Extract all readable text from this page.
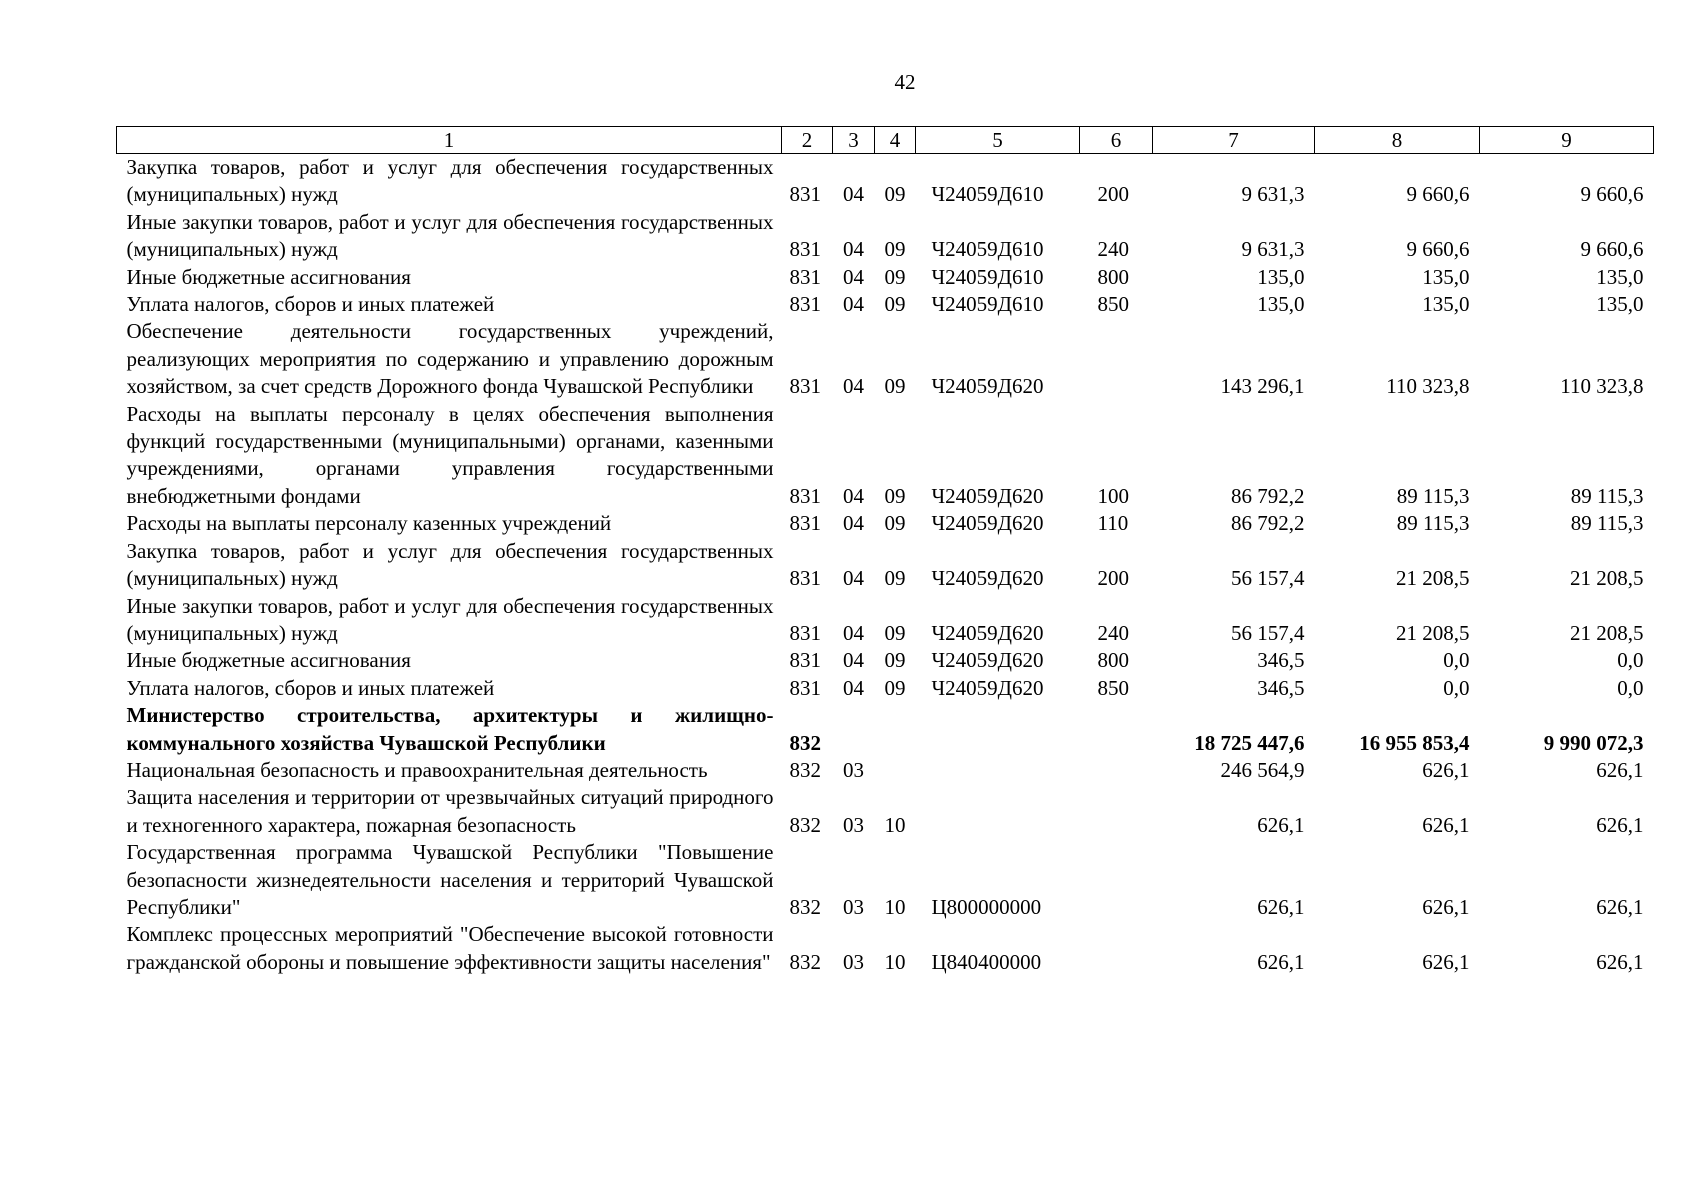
42
1	2	3	4	5	6	7	8	9
Закупка товаров, работ и услуг для обеспечения государственных (муниципальных) нужд	831	04	09	Ч24059Д610	200	9 631,3	9 660,6	9 660,6
Иные закупки товаров, работ и услуг для обеспечения государственных (муниципальных) нужд	831	04	09	Ч24059Д610	240	9 631,3	9 660,6	9 660,6
Иные бюджетные ассигнования	831	04	09	Ч24059Д610	800	135,0	135,0	135,0
Уплата налогов, сборов и иных платежей	831	04	09	Ч24059Д610	850	135,0	135,0	135,0
Обеспечение деятельности государственных учреждений, реализующих мероприятия по содержанию и управлению дорожным хозяйством, за счет средств Дорожного фонда Чувашской Республики	831	04	09	Ч24059Д620		143 296,1	110 323,8	110 323,8
Расходы на выплаты персоналу в целях обеспечения выполнения функций государственными (муниципальными) органами, казенными учреждениями, органами управления государственными внебюджетными фондами	831	04	09	Ч24059Д620	100	86 792,2	89 115,3	89 115,3
Расходы на выплаты персоналу казенных учреждений	831	04	09	Ч24059Д620	110	86 792,2	89 115,3	89 115,3
Закупка товаров, работ и услуг для обеспечения государственных (муниципальных) нужд	831	04	09	Ч24059Д620	200	56 157,4	21 208,5	21 208,5
Иные закупки товаров, работ и услуг для обеспечения государственных (муниципальных) нужд	831	04	09	Ч24059Д620	240	56 157,4	21 208,5	21 208,5
Иные бюджетные ассигнования	831	04	09	Ч24059Д620	800	346,5	0,0	0,0
Уплата налогов, сборов и иных платежей	831	04	09	Ч24059Д620	850	346,5	0,0	0,0
Министерство строительства, архитектуры и жилищно-коммунального хозяйства Чувашской Республики	832					18 725 447,6	16 955 853,4	9 990 072,3
Национальная безопасность и правоохранительная деятельность	832	03				246 564,9	626,1	626,1
Защита населения и территории от чрезвычайных ситуаций природного и техногенного характера, пожарная безопасность	832	03	10			626,1	626,1	626,1
Государственная программа Чувашской Республики "Повышение безопасности жизнедеятельности населения и территорий Чувашской Республики"	832	03	10	Ц800000000		626,1	626,1	626,1
Комплекс процессных мероприятий "Обеспечение высокой готовности гражданской обороны и повышение эффективности защиты населения"	832	03	10	Ц840400000		626,1	626,1	626,1
